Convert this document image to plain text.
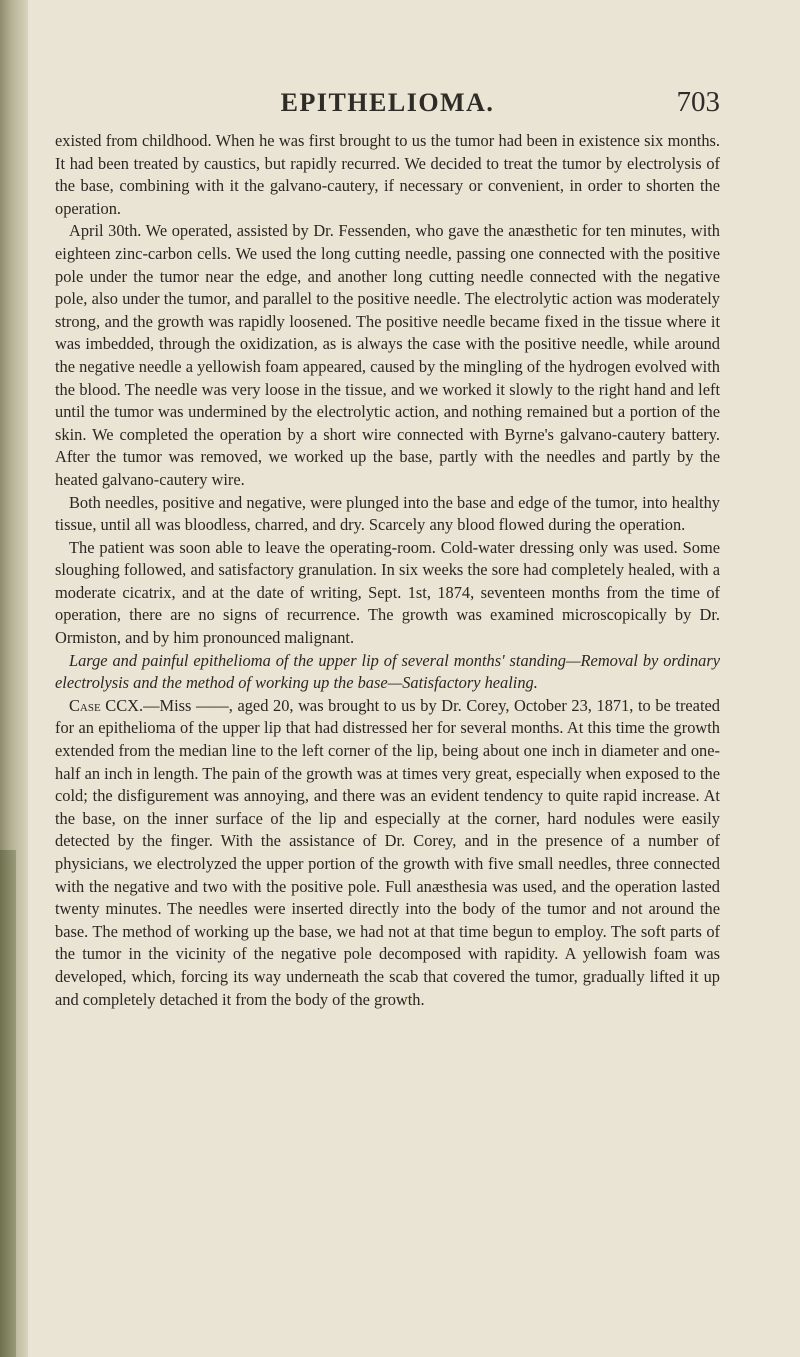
EPITHELIOMA.	703

existed from childhood. When he was first brought to us the tumor had been in existence six months. It had been treated by caustics, but rapidly recurred. We decided to treat the tumor by electrolysis of the base, combining with it the galvano-cautery, if necessary or convenient, in order to shorten the operation.

April 30th. We operated, assisted by Dr. Fessenden, who gave the anæsthetic for ten minutes, with eighteen zinc-carbon cells. We used the long cutting needle, passing one connected with the positive pole under the tumor near the edge, and another long cutting needle connected with the negative pole, also under the tumor, and parallel to the positive needle. The electrolytic action was moderately strong, and the growth was rapidly loosened. The positive needle became fixed in the tissue where it was imbedded, through the oxidization, as is always the case with the positive needle, while around the negative needle a yellowish foam appeared, caused by the mingling of the hydrogen evolved with the blood. The needle was very loose in the tissue, and we worked it slowly to the right hand and left until the tumor was undermined by the electrolytic action, and nothing remained but a portion of the skin. We completed the operation by a short wire connected with Byrne's galvano-cautery battery. After the tumor was removed, we worked up the base, partly with the needles and partly by the heated galvano-cautery wire.

Both needles, positive and negative, were plunged into the base and edge of the tumor, into healthy tissue, until all was bloodless, charred, and dry. Scarcely any blood flowed during the operation.

The patient was soon able to leave the operating-room. Cold-water dressing only was used. Some sloughing followed, and satisfactory granulation. In six weeks the sore had completely healed, with a moderate cicatrix, and at the date of writing, Sept. 1st, 1874, seventeen months from the time of operation, there are no signs of recurrence. The growth was examined microscopically by Dr. Ormiston, and by him pronounced malignant.

Large and painful epithelioma of the upper lip of several months' standing—Removal by ordinary electrolysis and the method of working up the base—Satisfactory healing.

Case CCX.—Miss ——, aged 20, was brought to us by Dr. Corey, October 23, 1871, to be treated for an epithelioma of the upper lip that had distressed her for several months. At this time the growth extended from the median line to the left corner of the lip, being about one inch in diameter and one-half an inch in length. The pain of the growth was at times very great, especially when exposed to the cold; the disfigurement was annoying, and there was an evident tendency to quite rapid increase. At the base, on the inner surface of the lip and especially at the corner, hard nodules were easily detected by the finger. With the assistance of Dr. Corey, and in the presence of a number of physicians, we electrolyzed the upper portion of the growth with five small needles, three connected with the negative and two with the positive pole. Full anæsthesia was used, and the operation lasted twenty minutes. The needles were inserted directly into the body of the tumor and not around the base. The method of working up the base, we had not at that time begun to employ. The soft parts of the tumor in the vicinity of the negative pole decomposed with rapidity. A yellowish foam was developed, which, forcing its way underneath the scab that covered the tumor, gradually lifted it up and completely detached it from the body of the growth.
